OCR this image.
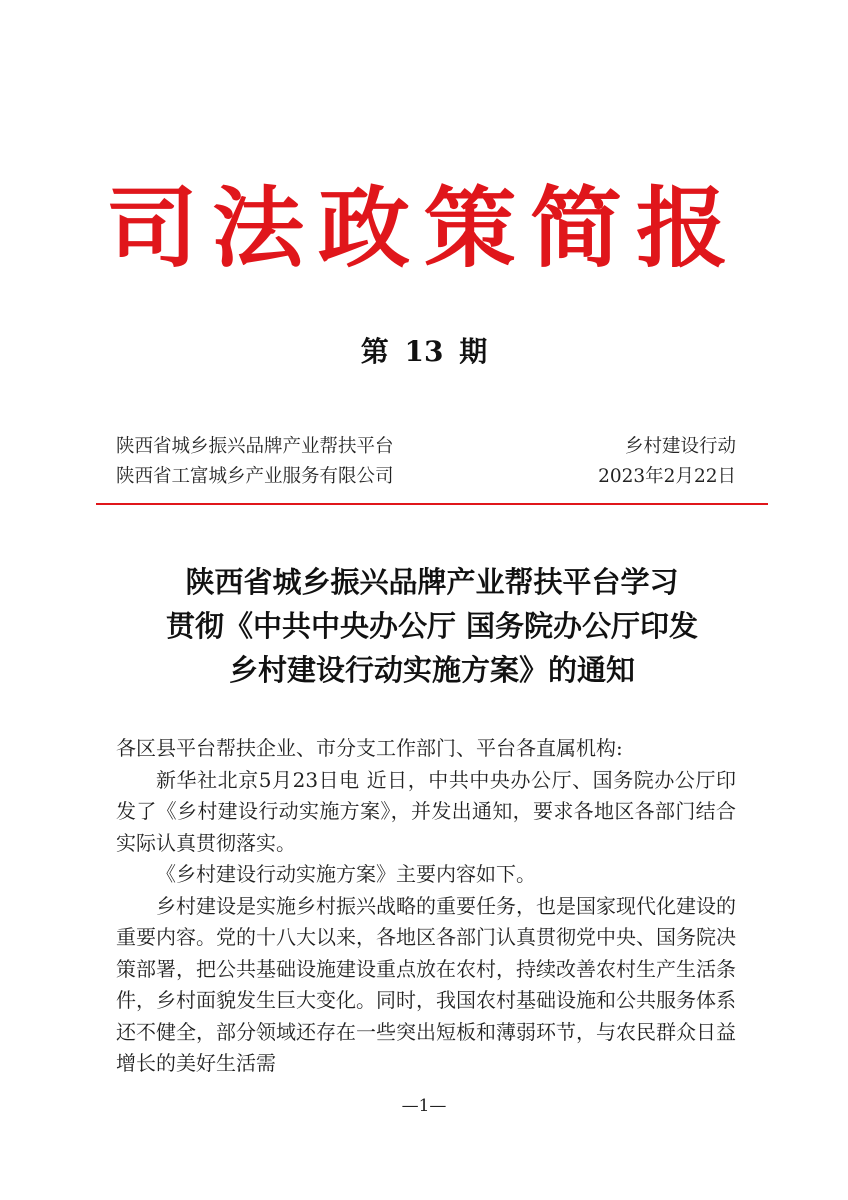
司法政策简报
第 13 期
陕西省城乡振兴品牌产业帮扶平台	乡村建设行动
陕西省工富城乡产业服务有限公司	2023年2月22日
陕西省城乡振兴品牌产业帮扶平台学习
贯彻《中共中央办公厅 国务院办公厅印发
乡村建设行动实施方案》的通知

各区县平台帮扶企业、市分支工作部门、平台各直属机构:

新华社北京5月23日电 近日，中共中央办公厅、国务院办公厅印发了《乡村建设行动实施方案》，并发出通知，要求各地区各部门结合实际认真贯彻落实。

《乡村建设行动实施方案》主要内容如下。

乡村建设是实施乡村振兴战略的重要任务，也是国家现代化建设的重要内容。党的十八大以来，各地区各部门认真贯彻党中央、国务院决策部署，把公共基础设施建设重点放在农村，持续改善农村生产生活条件，乡村面貌发生巨大变化。同时，我国农村基础设施和公共服务体系还不健全，部分领域还存在一些突出短板和薄弱环节，与农民群众日益增长的美好生活需

—1—
